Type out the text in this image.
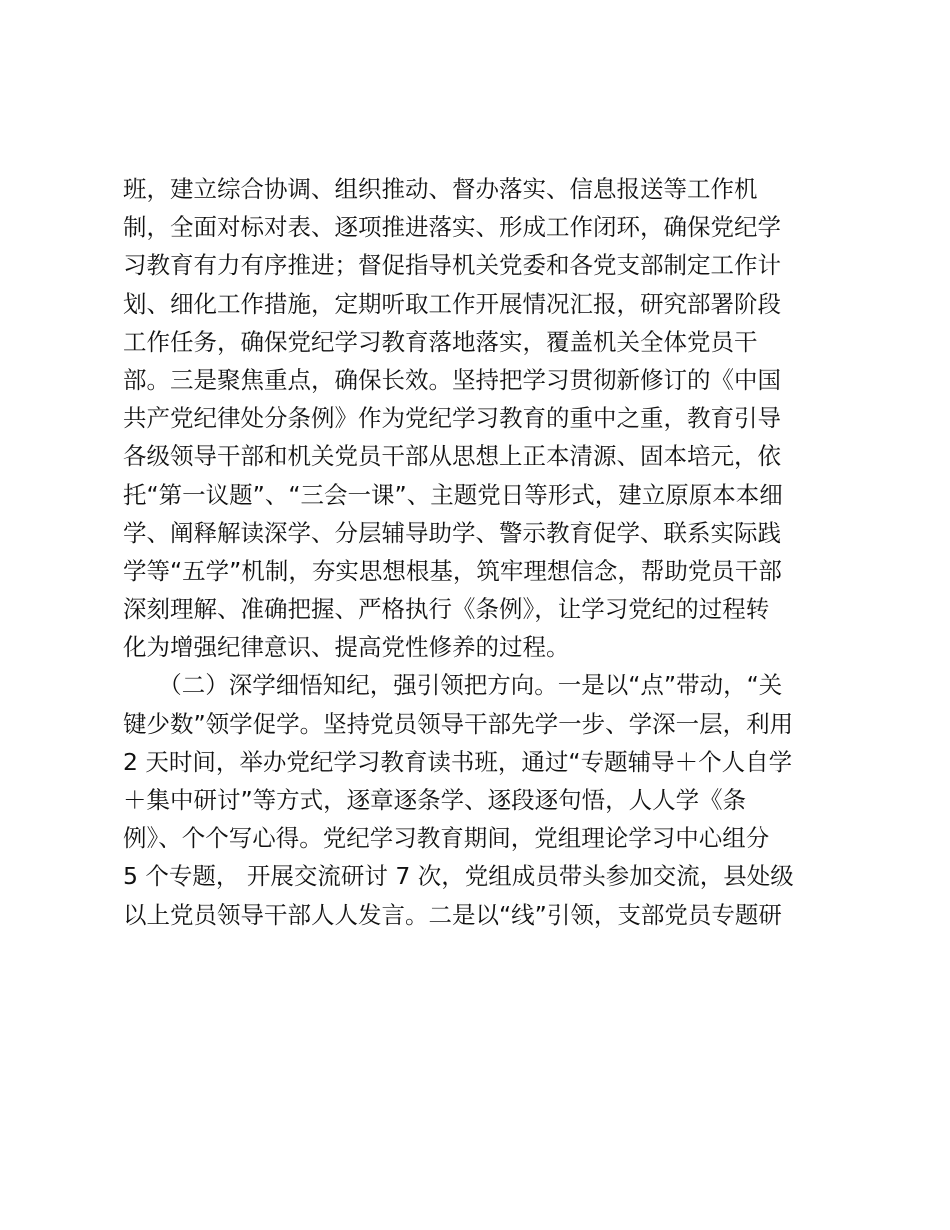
班，建立综合协调、组织推动、督办落实、信息报送等工作机
制，全面对标对表、逐项推进落实、形成工作闭环，确保党纪学
习教育有力有序推进；督促指导机关党委和各党支部制定工作计
划、细化工作措施，定期听取工作开展情况汇报，研究部署阶段
工作任务，确保党纪学习教育落地落实，覆盖机关全体党员干
部。三是聚焦重点，确保长效。坚持把学习贯彻新修订的《中国
共产党纪律处分条例》作为党纪学习教育的重中之重，教育引导
各级领导干部和机关党员干部从思想上正本清源、固本培元，依
托“第一议题”、“三会一课”、主题党日等形式，建立原原本本细
学、阐释解读深学、分层辅导助学、警示教育促学、联系实际践
学等“五学”机制，夯实思想根基，筑牢理想信念，帮助党员干部
深刻理解、准确把握、严格执行《条例》，让学习党纪的过程转
化为增强纪律意识、提高党性修养的过程。
　　（二）深学细悟知纪，强引领把方向。一是以“点”带动，“关
键少数”领学促学。坚持党员领导干部先学一步、学深一层，利用
2 天时间，举办党纪学习教育读书班，通过“专题辅导＋个人自学
＋集中研讨”等方式，逐章逐条学、逐段逐句悟，人人学《条
例》、个个写心得。党纪学习教育期间，党组理论学习中心组分
5 个专题， 开展交流研讨 7 次，党组成员带头参加交流，县处级
以上党员领导干部人人发言。二是以“线”引领，支部党员专题研
